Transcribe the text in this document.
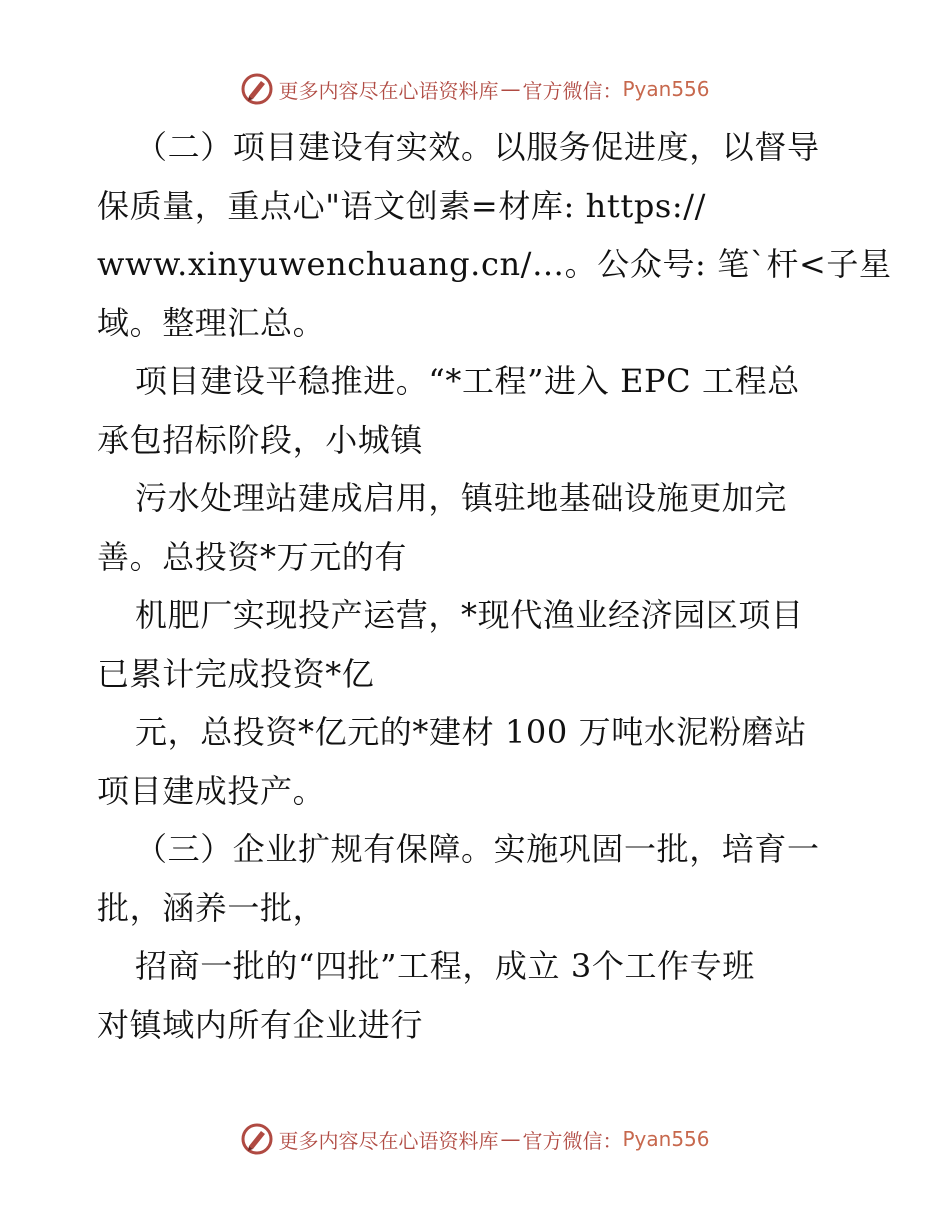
更多内容尽在心语资料库 — 官方微信： Pyan556
（二）项目建设有实效。以服务促进度，以督导
保质量，重点心"语文创素=材库: https://
www.xinyuwenchuang.cn/…。公众号: 笔`杆<子星
域。整理汇总。
项目建设平稳推进。“*工程”进入 EPC 工程总
承包招标阶段，小城镇
污水处理站建成启用，镇驻地基础设施更加完
善。总投资*万元的有
机肥厂实现投产运营，*现代渔业经济园区项目
已累计完成投资*亿
元，总投资*亿元的*建材 100 万吨水泥粉磨站
项目建成投产。
（三）企业扩规有保障。实施巩固一批，培育一
批，涵养一批，
招商一批的“四批”工程，成立 3个工作专班
对镇域内所有企业进行
更多内容尽在心语资料库 — 官方微信： Pyan556
